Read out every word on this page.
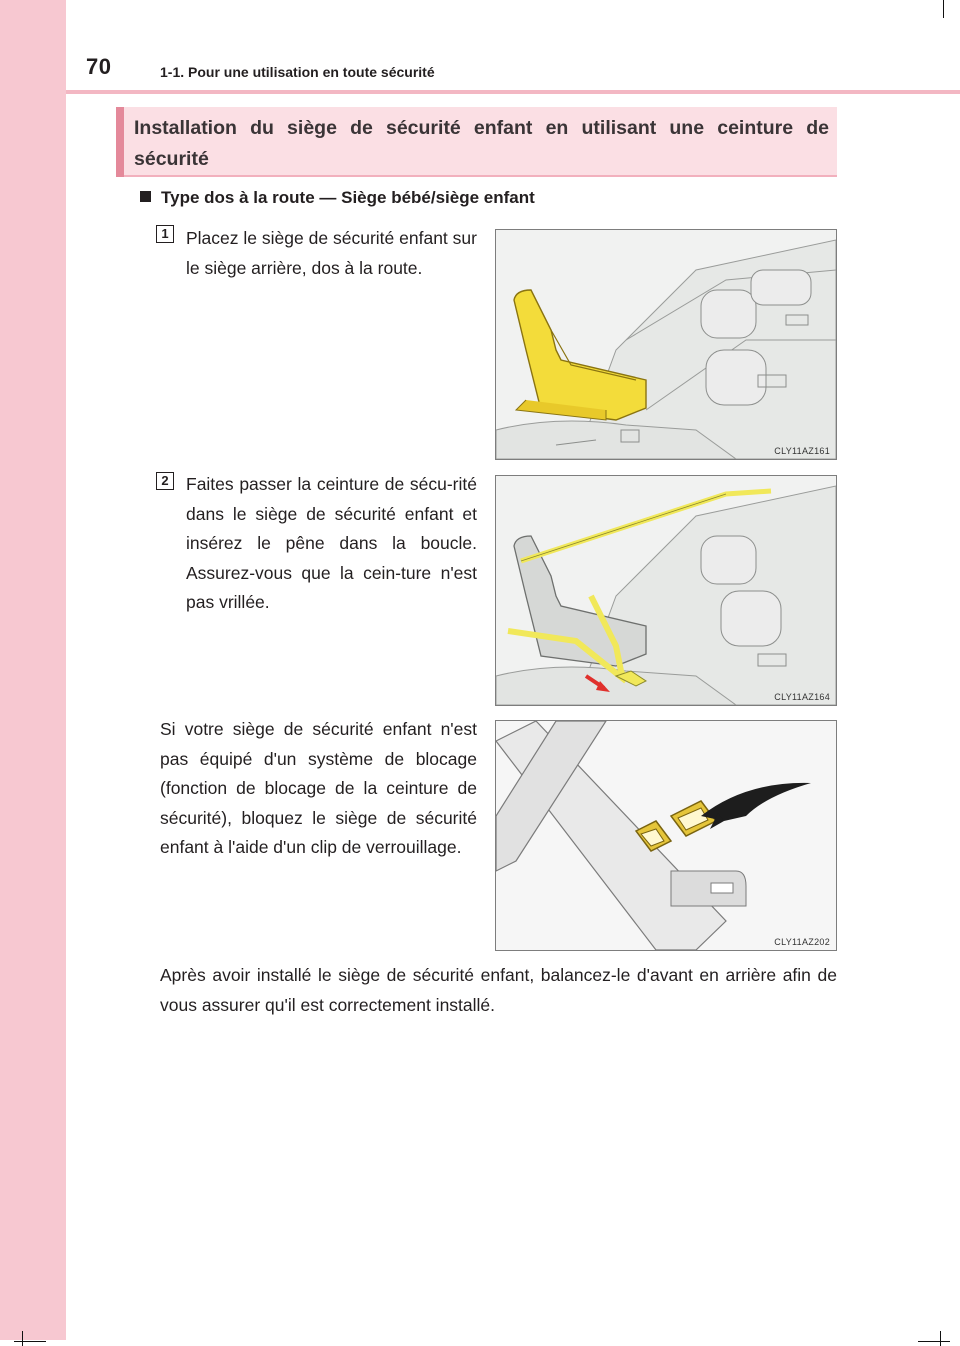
70	1-1. Pour une utilisation en toute sécurité
Installation du siège de sécurité enfant en utilisant une ceinture de sécurité
Type dos à la route — Siège bébé/siège enfant
1 Placez le siège de sécurité enfant sur le siège arrière, dos à la route.
CLY11AZ161
2 Faites passer la ceinture de sécu-rité dans le siège de sécurité enfant et insérez le pêne dans la boucle. Assurez-vous que la cein-ture n'est pas vrillée.
CLY11AZ164
Si votre siège de sécurité enfant n'est pas équipé d'un système de blocage (fonction de blocage de la ceinture de sécurité), bloquez le siège de sécurité enfant à l'aide d'un clip de verrouillage.
CLY11AZ202
Après avoir installé le siège de sécurité enfant, balancez-le d'avant en arrière afin de vous assurer qu'il est correctement installé.
